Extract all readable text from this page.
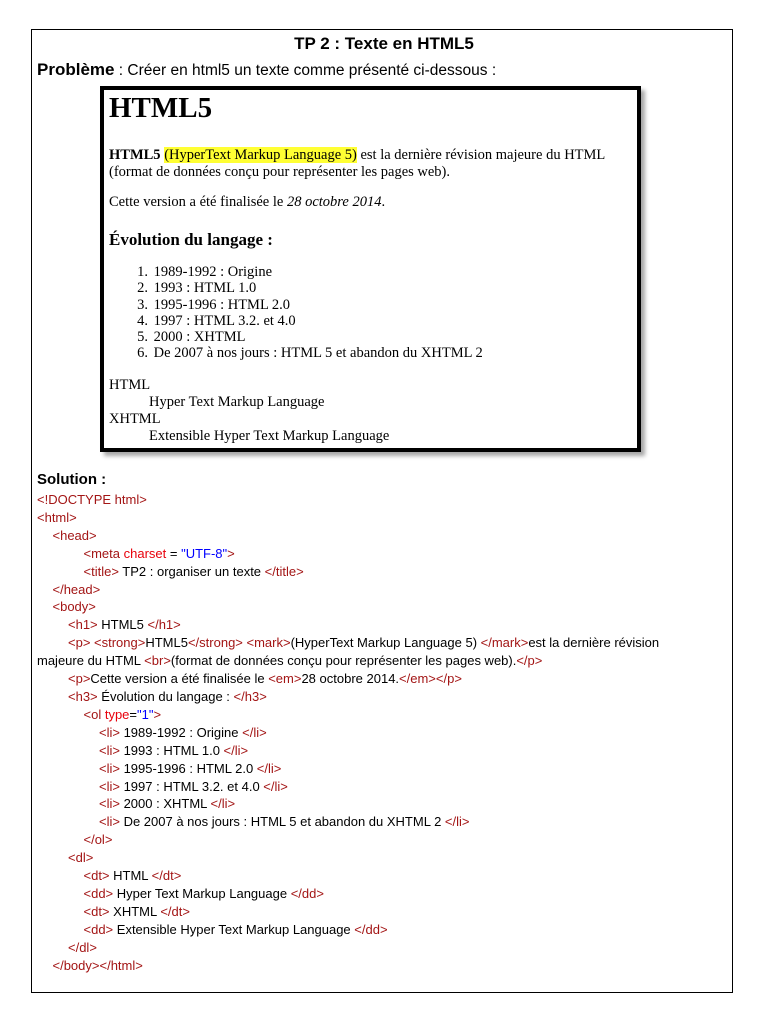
TP 2 : Texte en HTML5
Problème : Créer en html5 un texte comme présenté ci-dessous :
HTML5

HTML5 (HyperText Markup Language 5) est la dernière révision majeure du HTML
(format de données conçu pour représenter les pages web).

Cette version a été finalisée le 28 octobre 2014.

Évolution du langage :
1. 1989-1992 : Origine
2. 1993 : HTML 1.0
3. 1995-1996 : HTML 2.0
4. 1997 : HTML 3.2. et 4.0
5. 2000 : XHTML
6. De 2007 à nos jours : HTML 5 et abandon du XHTML 2
HTML
Hyper Text Markup Language
XHTML
Extensible Hyper Text Markup Language
Solution :
<!DOCTYPE html>
<html>
<head>
<meta charset = "UTF-8">
<title> TP2 : organiser un texte </title>
</head>
<body>
<h1> HTML5 </h1>
<p> <strong>HTML5</strong> <mark>(HyperText Markup Language 5) </mark>est la dernière révision
majeure du HTML <br>(format de données conçu pour représenter les pages web).</p>
<p>Cette version a été finalisée le <em>28 octobre 2014.</em></p>
<h3> Évolution du langage : </h3>
<ol type="1">
<li> 1989-1992 : Origine </li>
<li> 1993 : HTML 1.0 </li>
<li> 1995-1996 : HTML 2.0 </li>
<li> 1997 : HTML 3.2. et 4.0 </li>
<li> 2000 : XHTML </li>
<li> De 2007 à nos jours : HTML 5 et abandon du XHTML 2 </li>
</ol>
<dl>
<dt> HTML </dt>
<dd> Hyper Text Markup Language </dd>
<dt> XHTML </dt>
<dd> Extensible Hyper Text Markup Language </dd>
</dl>
</body></html>
